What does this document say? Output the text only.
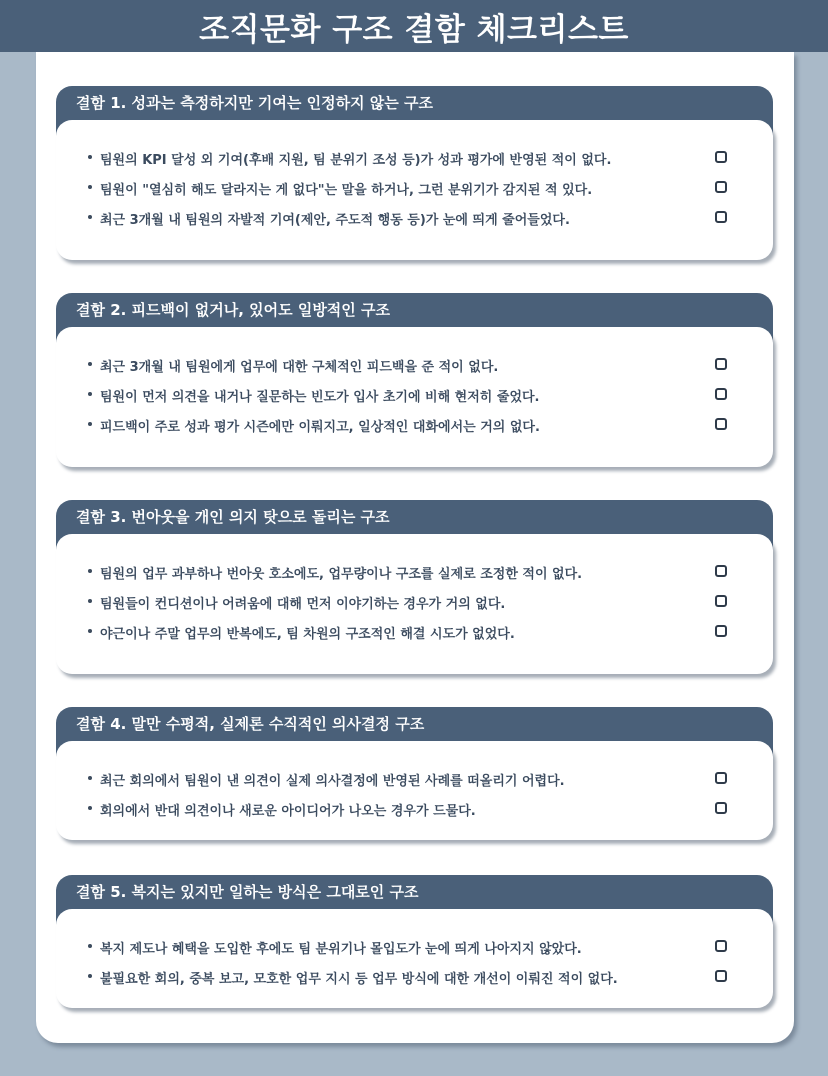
조직문화 구조 결함 체크리스트
결함 1. 성과는 측정하지만 기여는 인정하지 않는 구조
팀원의 KPI 달성 외 기여(후배 지원, 팀 분위기 조성 등)가 성과 평가에 반영된 적이 없다.
팀원이 "열심히 해도 달라지는 게 없다"는 말을 하거나, 그런 분위기가 감지된 적 있다.
최근 3개월 내 팀원의 자발적 기여(제안, 주도적 행동 등)가 눈에 띄게 줄어들었다.
결함 2. 피드백이 없거나, 있어도 일방적인 구조
최근 3개월 내 팀원에게 업무에 대한 구체적인 피드백을 준 적이 없다.
팀원이 먼저 의견을 내거나 질문하는 빈도가 입사 초기에 비해 현저히 줄었다.
피드백이 주로 성과 평가 시즌에만 이뤄지고, 일상적인 대화에서는 거의 없다.
결함 3. 번아웃을 개인 의지 탓으로 돌리는 구조
팀원의 업무 과부하나 번아웃 호소에도, 업무량이나 구조를 실제로 조정한 적이 없다.
팀원들이 컨디션이나 어려움에 대해 먼저 이야기하는 경우가 거의 없다.
야근이나 주말 업무의 반복에도, 팀 차원의 구조적인 해결 시도가 없었다.
결함 4. 말만 수평적, 실제론 수직적인 의사결정 구조
최근 회의에서 팀원이 낸 의견이 실제 의사결정에 반영된 사례를 떠올리기 어렵다.
회의에서 반대 의견이나 새로운 아이디어가 나오는 경우가 드물다.
결함 5. 복지는 있지만 일하는 방식은 그대로인 구조
복지 제도나 혜택을 도입한 후에도 팀 분위기나 몰입도가 눈에 띄게 나아지지 않았다.
불필요한 회의, 중복 보고, 모호한 업무 지시 등 업무 방식에 대한 개선이 이뤄진 적이 없다.
